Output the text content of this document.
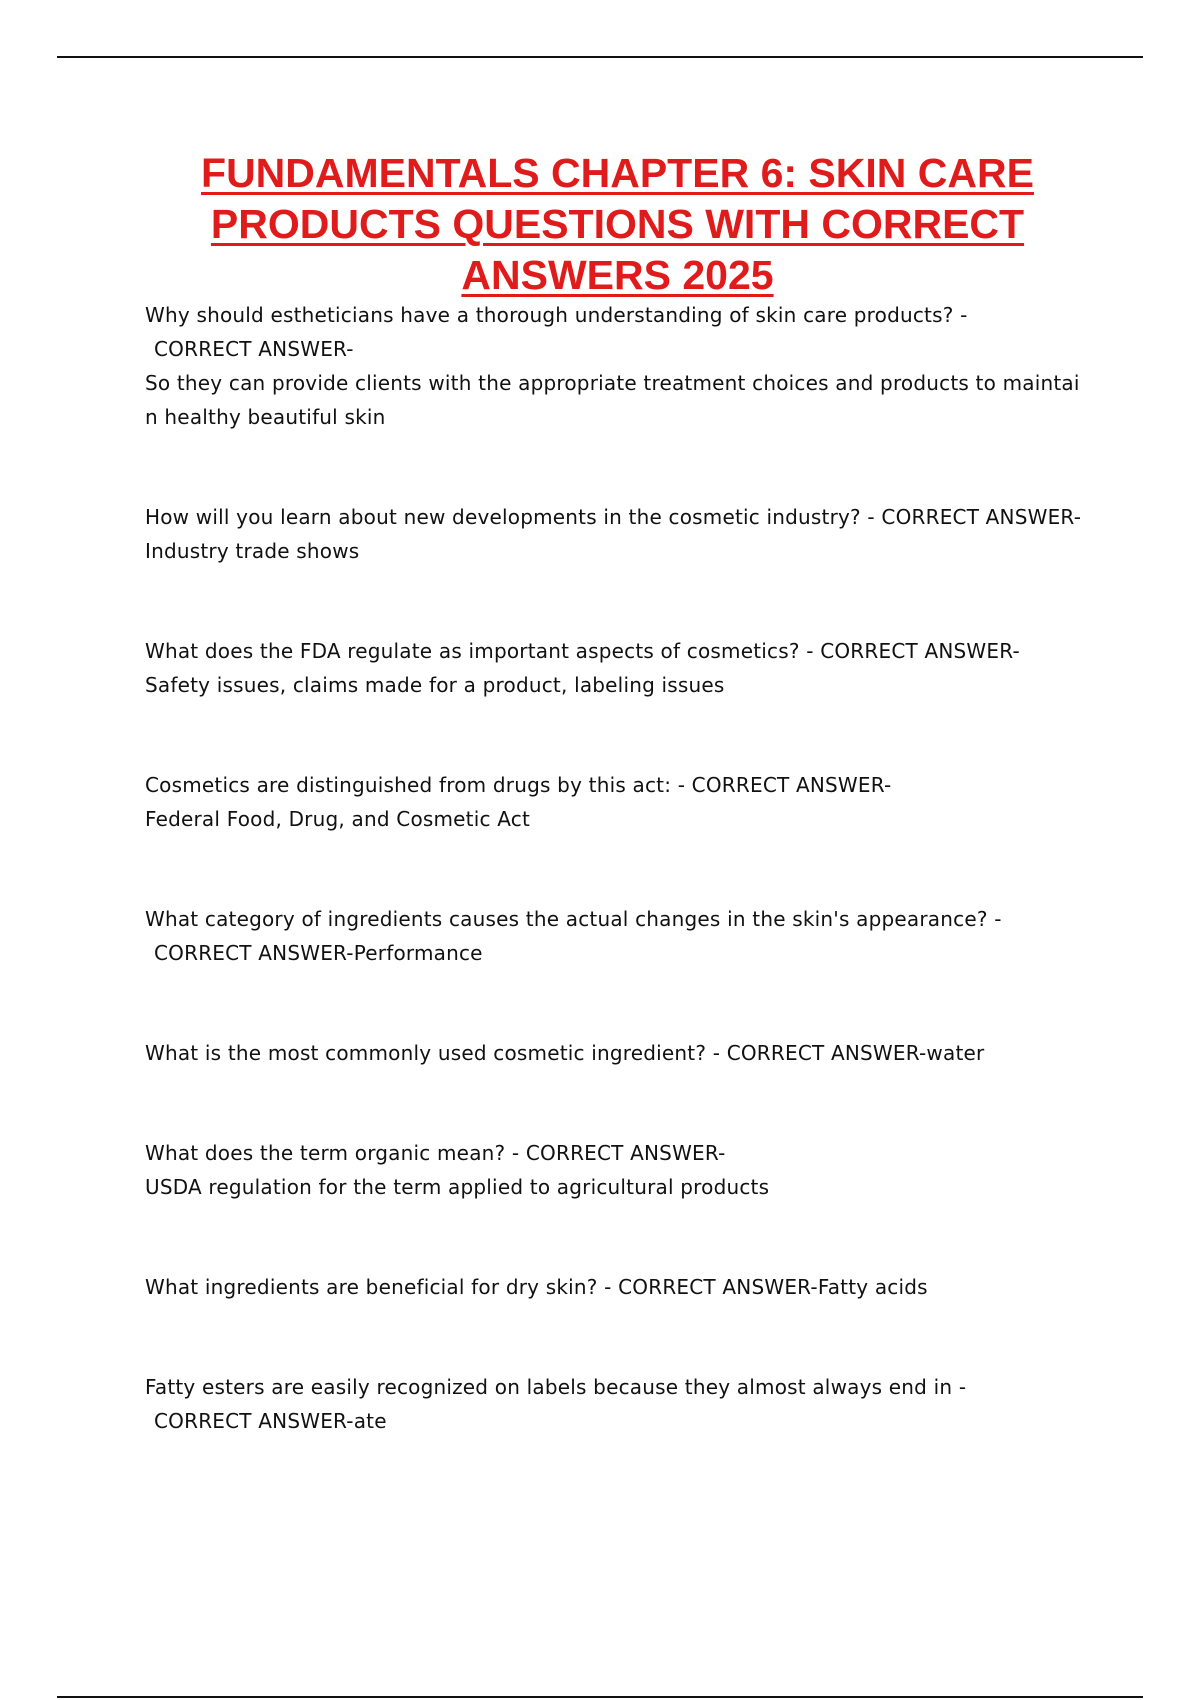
FUNDAMENTALS CHAPTER 6: SKIN CARE
PRODUCTS QUESTIONS WITH CORRECT
ANSWERS 2025
Why should estheticians have a thorough understanding of skin care products? -
CORRECT ANSWER-
So they can provide clients with the appropriate treatment choices and products to maintai
n healthy beautiful skin
How will you learn about new developments in the cosmetic industry? - CORRECT ANSWER-
Industry trade shows
What does the FDA regulate as important aspects of cosmetics? - CORRECT ANSWER-
Safety issues, claims made for a product, labeling issues
Cosmetics are distinguished from drugs by this act: - CORRECT ANSWER-
Federal Food, Drug, and Cosmetic Act
What category of ingredients causes the actual changes in the skin's appearance? -
CORRECT ANSWER-Performance
What is the most commonly used cosmetic ingredient? - CORRECT ANSWER-water
What does the term organic mean? - CORRECT ANSWER-
USDA regulation for the term applied to agricultural products
What ingredients are beneficial for dry skin? - CORRECT ANSWER-Fatty acids
Fatty esters are easily recognized on labels because they almost always end in -
CORRECT ANSWER-ate
